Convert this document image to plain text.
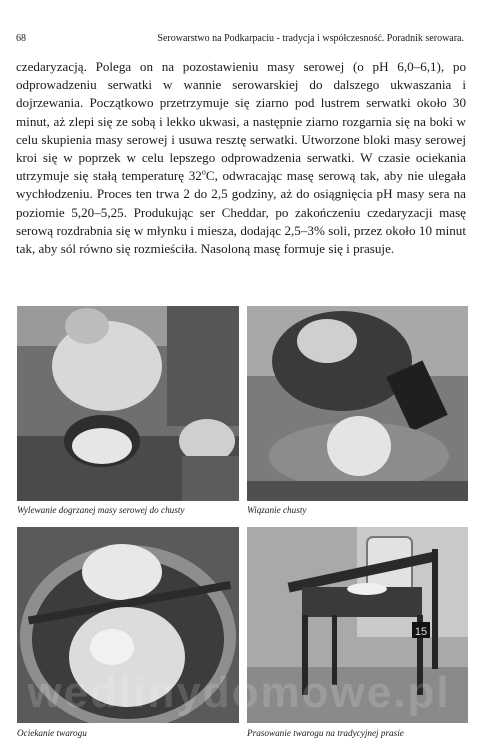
68	Serowarstwo na Podkarpaciu - tradycja i współczesność. Poradnik serowara.

czedaryzacją. Polega on na pozostawieniu masy serowej (o pH 6,0–6,1), po odprowadzeniu serwatki w wannie serowarskiej do dalszego ukwaszania i dojrzewania. Początkowo przetrzymuje się ziarno pod lustrem serwatki około 30 minut, aż zlepi się ze sobą i lekko ukwasi, a następnie ziarno rozgarnia się na boki w celu skupienia masy serowej i usuwa resztę serwatki. Utworzone bloki masy serowej kroi się w poprzek w celu lepszego odprowadzenia serwatki. W czasie ociekania utrzymuje się stałą temperaturę 32$^o$C, odwracając masę serową tak, aby nie ulegała wychłodzeniu. Proces ten trwa 2 do 2,5 godziny, aż do osiągnięcia pH masy sera na poziomie 5,20–5,25. Produkując ser Cheddar, po zakończeniu czedaryzacji masę serową rozdrabnia się w młynku i miesza, dodając 2,5–3% soli, przez około 10 minut tak, aby sól równo się rozmieściła. Nasoloną masę formuje się i prasuje.

Wylewanie dogrzanej masy serowej do chusty	Wiązanie chusty
Ociekanie twarogu
15
Prasowanie twarogu na tradycyjnej prasie
wedlinydomowe.pl
